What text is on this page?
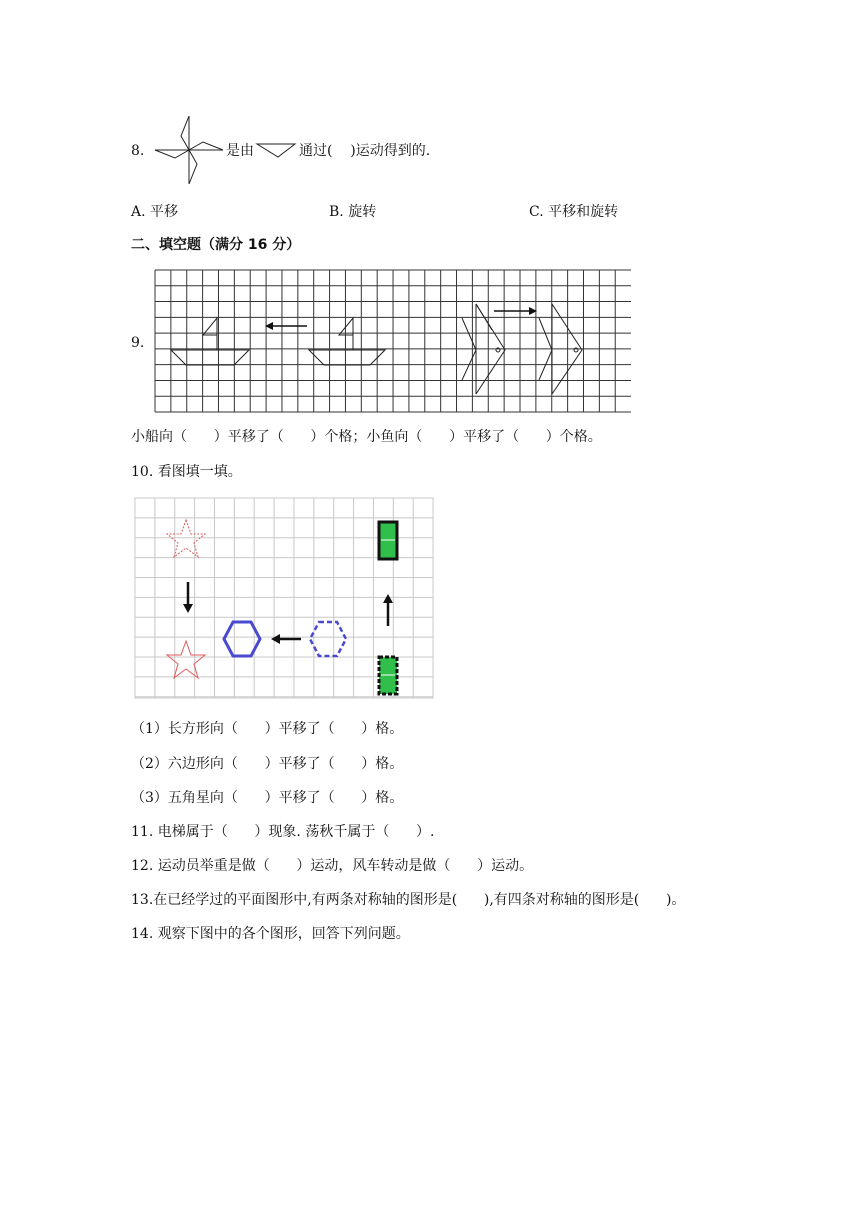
8.	是由	通过(    )运动得到的.
A. 平移	B. 旋转	C. 平移和旋转
二、填空题（满分 16 分）
9.
小船向（      ）平移了（      ）个格；小鱼向（      ）平移了（      ）个格。
10. 看图填一填。
（1）长方形向（      ）平移了（      ）格。
（2）六边形向（      ）平移了（      ）格。
（3）五角星向（      ）平移了（      ）格。
11. 电梯属于（      ）现象. 荡秋千属于（      ）.
12. 运动员举重是做（      ）运动，风车转动是做（      ）运动。
13.在已经学过的平面图形中,有两条对称轴的图形是(      ),有四条对称轴的图形是(      )。
14. 观察下图中的各个图形，回答下列问题。
